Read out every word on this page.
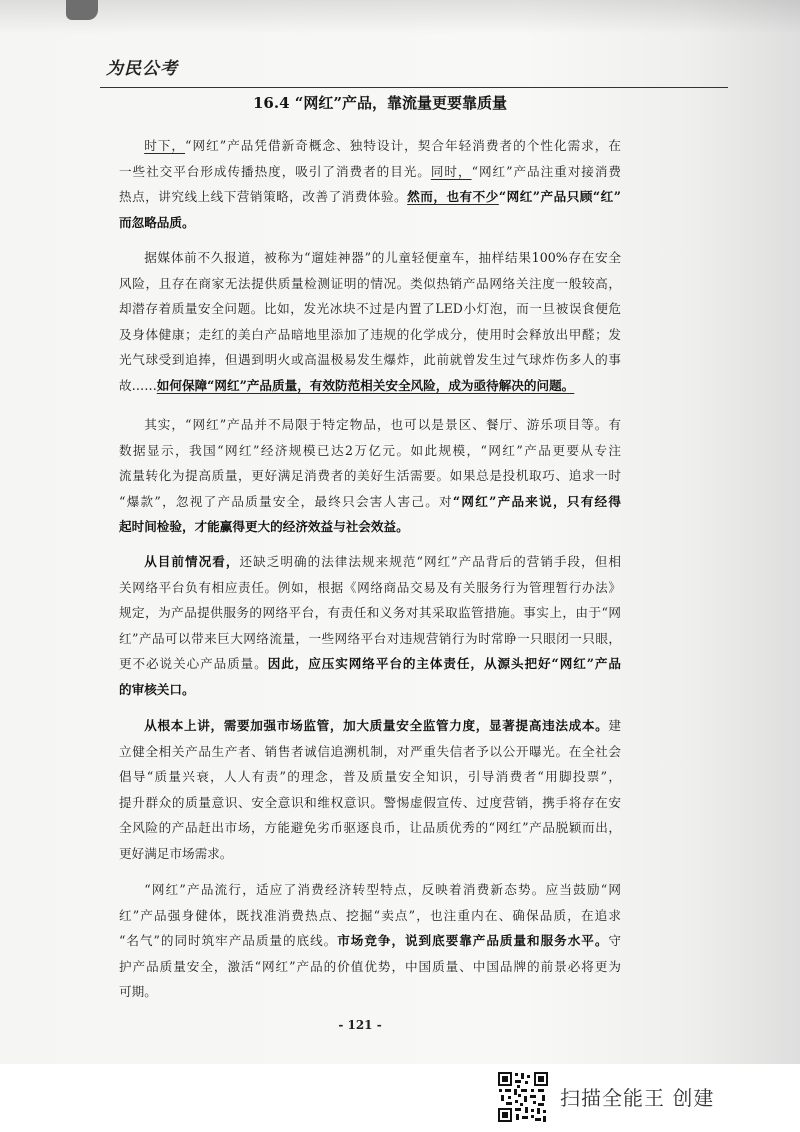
为民公考
16.4 “网红”产品，靠流量更要靠质量

时下，“网红”产品凭借新奇概念、独特设计，契合年轻消费者的个性化需求，在
一些社交平台形成传播热度，吸引了消费者的目光。同时，“网红”产品注重对接消费
热点，讲究线上线下营销策略，改善了消费体验。然而，也有不少“网红”产品只顾“红”
而忽略品质。

据媒体前不久报道，被称为“遛娃神器”的儿童轻便童车，抽样结果100%存在安全
风险，且存在商家无法提供质量检测证明的情况。类似热销产品网络关注度一般较高，
却潜存着质量安全问题。比如，发光冰块不过是内置了LED小灯泡，而一旦被误食便危
及身体健康；走红的美白产品暗地里添加了违规的化学成分，使用时会释放出甲醛；发
光气球受到追捧，但遇到明火或高温极易发生爆炸，此前就曾发生过气球炸伤多人的事
故……如何保障“网红”产品质量，有效防范相关安全风险，成为亟待解决的问题。

其实，“网红”产品并不局限于特定物品，也可以是景区、餐厅、游乐项目等。有
数据显示，我国“网红”经济规模已达2万亿元。如此规模，“网红”产品更要从专注
流量转化为提高质量，更好满足消费者的美好生活需要。如果总是投机取巧、追求一时
“爆款”，忽视了产品质量安全，最终只会害人害己。对“网红”产品来说，只有经得
起时间检验，才能赢得更大的经济效益与社会效益。

从目前情况看，还缺乏明确的法律法规来规范“网红”产品背后的营销手段，但相
关网络平台负有相应责任。例如，根据《网络商品交易及有关服务行为管理暂行办法》
规定，为产品提供服务的网络平台，有责任和义务对其采取监管措施。事实上，由于“网
红”产品可以带来巨大网络流量，一些网络平台对违规营销行为时常睁一只眼闭一只眼，
更不必说关心产品质量。因此，应压实网络平台的主体责任，从源头把好“网红”产品
的审核关口。

从根本上讲，需要加强市场监管，加大质量安全监管力度，显著提高违法成本。建
立健全相关产品生产者、销售者诚信追溯机制，对严重失信者予以公开曝光。在全社会
倡导“质量兴衰，人人有责”的理念，普及质量安全知识，引导消费者“用脚投票”，
提升群众的质量意识、安全意识和维权意识。警惕虚假宣传、过度营销，携手将存在安
全风险的产品赶出市场，方能避免劣币驱逐良币，让品质优秀的“网红”产品脱颖而出，
更好满足市场需求。

“网红”产品流行，适应了消费经济转型特点，反映着消费新态势。应当鼓励“网
红”产品强身健体，既找准消费热点、挖掘“卖点”，也注重内在、确保品质，在追求
“名气”的同时筑牢产品质量的底线。市场竞争，说到底要靠产品质量和服务水平。守
护产品质量安全，激活“网红”产品的价值优势，中国质量、中国品牌的前景必将更为
可期。

- 121 -
扫描全能王 创建
